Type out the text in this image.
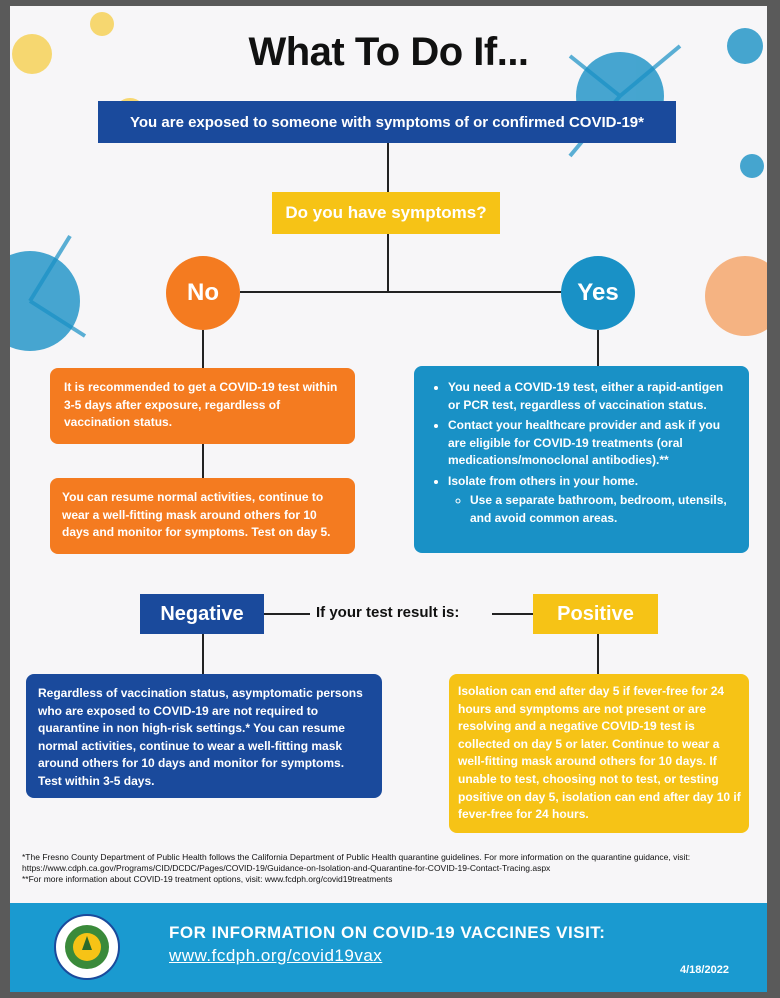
What To Do If...
You are exposed to someone with symptoms of or confirmed COVID-19*
Do you have symptoms?
No	Yes
It is recommended to get a COVID-19 test within 3-5 days after exposure, regardless of vaccination status.
You can resume normal activities, continue to wear a well-fitting mask around others for 10 days and monitor for symptoms. Test on day 5.
• You need a COVID-19 test, either a rapid-antigen or PCR test, regardless of vaccination status.
• Contact your healthcare provider and ask if you are eligible for COVID-19 treatments (oral medications/monoclonal antibodies).**
• Isolate from others in your home.
◦ Use a separate bathroom, bedroom, utensils, and avoid common areas.
Negative	If your test result is:	Positive
Regardless of vaccination status, asymptomatic persons who are exposed to COVID-19 are not required to quarantine in non high-risk settings.* You can resume normal activities, continue to wear a well-fitting mask around others for 10 days and monitor for symptoms. Test within 3-5 days.
Isolation can end after day 5 if fever-free for 24 hours and symptoms are not present or are resolving and a negative COVID-19 test is collected on day 5 or later. Continue to wear a well-fitting mask around others for 10 days. If unable to test, choosing not to test, or testing positive on day 5, isolation can end after day 10 if fever-free for 24 hours.
*The Fresno County Department of Public Health follows the California Department of Public Health quarantine guidelines. For more information on the quarantine guidance, visit: https://www.cdph.ca.gov/Programs/CID/DCDC/Pages/COVID-19/Guidance-on-Isolation-and-Quarantine-for-COVID-19-Contact-Tracing.aspx
**For more information about COVID-19 treatment options, visit: www.fcdph.org/covid19treatments
FOR INFORMATION ON COVID-19 VACCINES VISIT:
www.fcdph.org/covid19vax
4/18/2022
